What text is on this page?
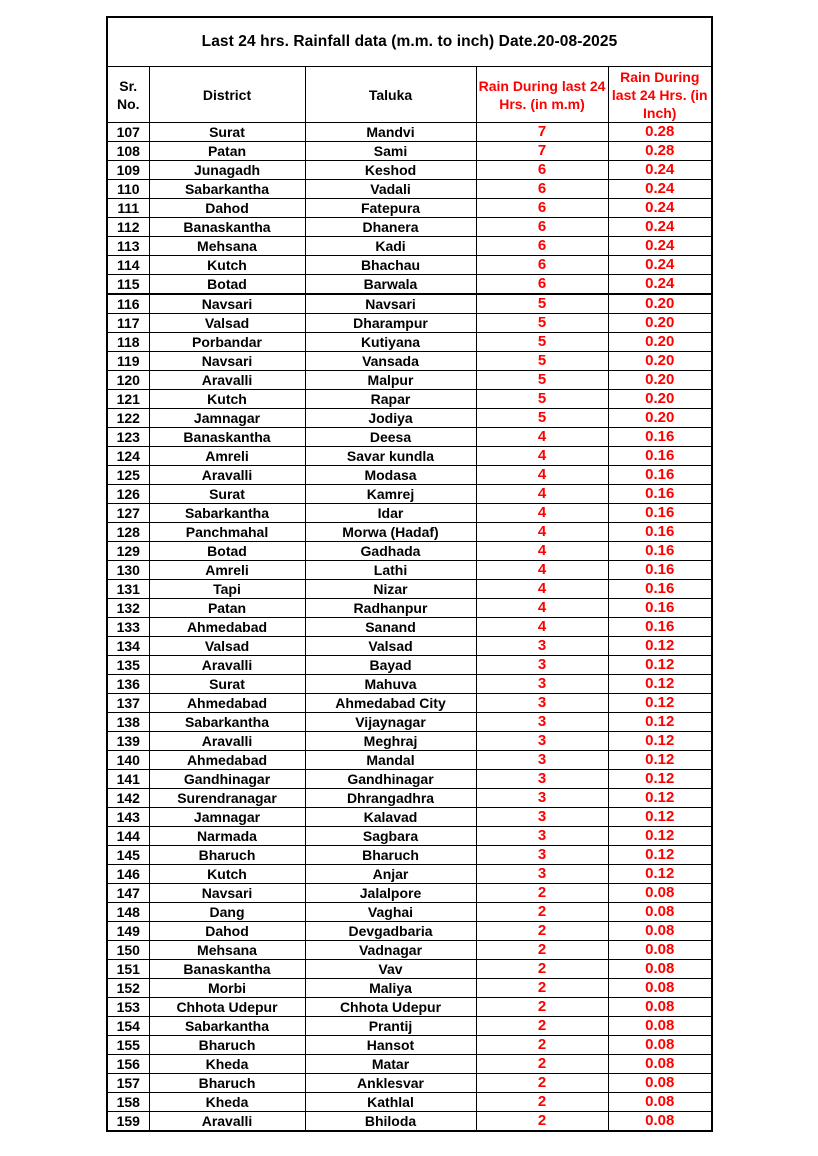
Last 24 hrs. Rainfall data (m.m. to inch) Date.20-08-2025
Sr. No.	District	Taluka	Rain During last 24 Hrs. (in m.m)	Rain During last 24 Hrs. (in Inch)
107	Surat	Mandvi	7	0.28
108	Patan	Sami	7	0.28
109	Junagadh	Keshod	6	0.24
110	Sabarkantha	Vadali	6	0.24
111	Dahod	Fatepura	6	0.24
112	Banaskantha	Dhanera	6	0.24
113	Mehsana	Kadi	6	0.24
114	Kutch	Bhachau	6	0.24
115	Botad	Barwala	6	0.24
116	Navsari	Navsari	5	0.20
117	Valsad	Dharampur	5	0.20
118	Porbandar	Kutiyana	5	0.20
119	Navsari	Vansada	5	0.20
120	Aravalli	Malpur	5	0.20
121	Kutch	Rapar	5	0.20
122	Jamnagar	Jodiya	5	0.20
123	Banaskantha	Deesa	4	0.16
124	Amreli	Savar kundla	4	0.16
125	Aravalli	Modasa	4	0.16
126	Surat	Kamrej	4	0.16
127	Sabarkantha	Idar	4	0.16
128	Panchmahal	Morwa (Hadaf)	4	0.16
129	Botad	Gadhada	4	0.16
130	Amreli	Lathi	4	0.16
131	Tapi	Nizar	4	0.16
132	Patan	Radhanpur	4	0.16
133	Ahmedabad	Sanand	4	0.16
134	Valsad	Valsad	3	0.12
135	Aravalli	Bayad	3	0.12
136	Surat	Mahuva	3	0.12
137	Ahmedabad	Ahmedabad City	3	0.12
138	Sabarkantha	Vijaynagar	3	0.12
139	Aravalli	Meghraj	3	0.12
140	Ahmedabad	Mandal	3	0.12
141	Gandhinagar	Gandhinagar	3	0.12
142	Surendranagar	Dhrangadhra	3	0.12
143	Jamnagar	Kalavad	3	0.12
144	Narmada	Sagbara	3	0.12
145	Bharuch	Bharuch	3	0.12
146	Kutch	Anjar	3	0.12
147	Navsari	Jalalpore	2	0.08
148	Dang	Vaghai	2	0.08
149	Dahod	Devgadbaria	2	0.08
150	Mehsana	Vadnagar	2	0.08
151	Banaskantha	Vav	2	0.08
152	Morbi	Maliya	2	0.08
153	Chhota Udepur	Chhota Udepur	2	0.08
154	Sabarkantha	Prantij	2	0.08
155	Bharuch	Hansot	2	0.08
156	Kheda	Matar	2	0.08
157	Bharuch	Anklesvar	2	0.08
158	Kheda	Kathlal	2	0.08
159	Aravalli	Bhiloda	2	0.08
